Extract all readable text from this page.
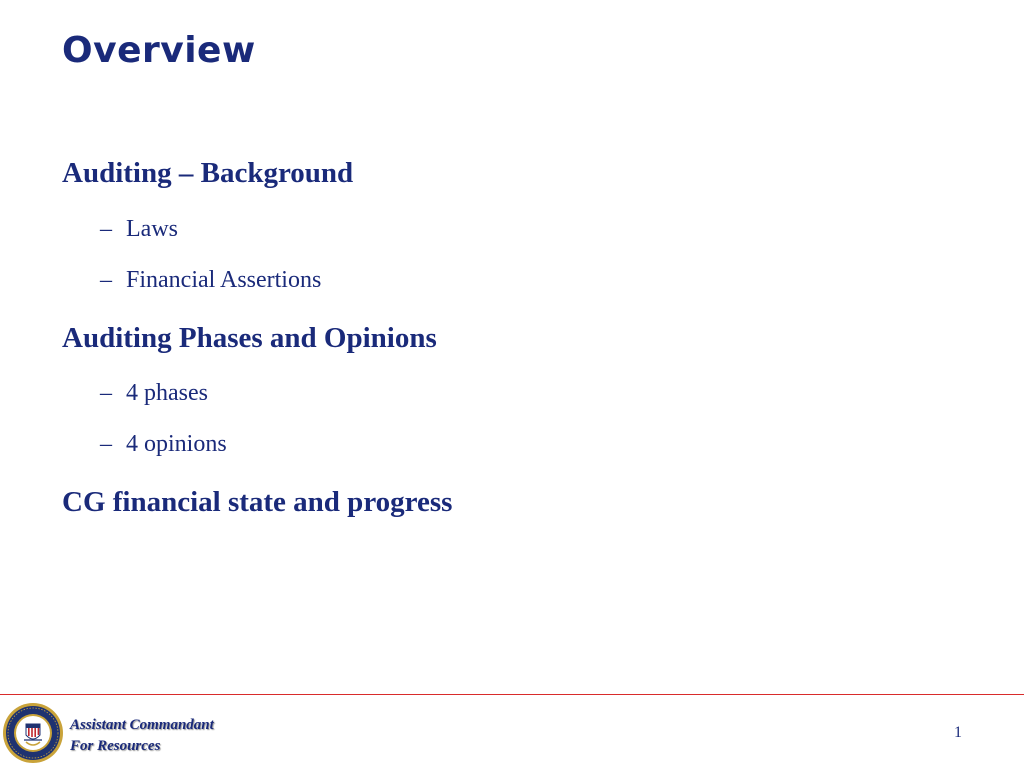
Overview
Auditing – Background
– Laws
– Financial Assertions
Auditing Phases and Opinions
– 4 phases
– 4 opinions
CG financial state and progress
Assistant Commandant
For Resources
1
